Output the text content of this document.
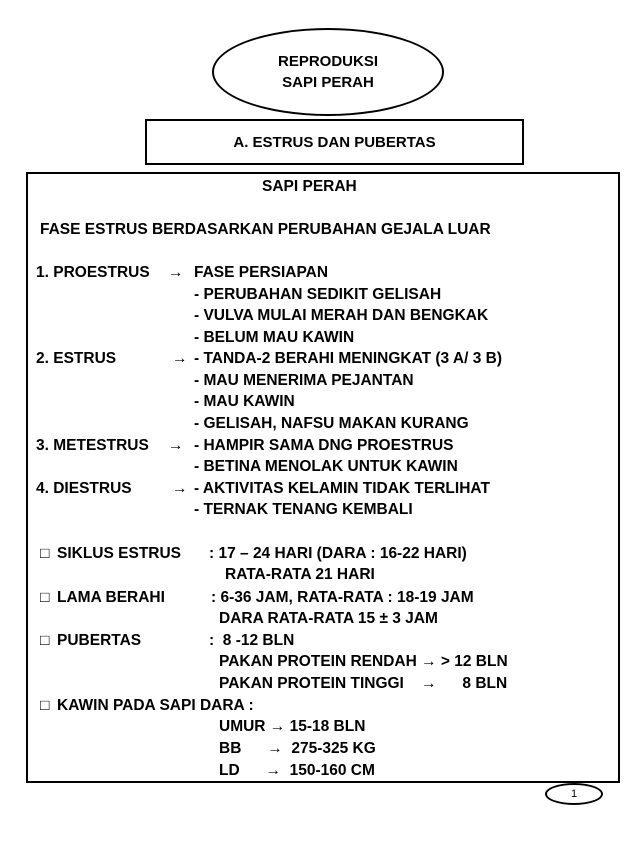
REPRODUKSI
SAPI PERAH
A. ESTRUS DAN PUBERTAS
SAPI PERAH
FASE ESTRUS BERDASARKAN PERUBAHAN GEJALA LUAR
1. PROESTRUS → FASE PERSIAPAN
- PERUBAHAN SEDIKIT GELISAH
- VULVA MULAI MERAH DAN BENGKAK
- BELUM MAU KAWIN
2. ESTRUS	→ - TANDA-2 BERAHI MENINGKAT (3 A/ 3 B)
- MAU MENERIMA PEJANTAN
- MAU KAWIN
- GELISAH, NAFSU MAKAN KURANG
3. METESTRUS → - HAMPIR SAMA DNG PROESTRUS
- BETINA MENOLAK UNTUK KAWIN
4. DIESTRUS	→ - AKTIVITAS KELAMIN TIDAK TERLIHAT
- TERNAK TENANG KEMBALI
□ SIKLUS ESTRUS : 17 – 24 HARI (DARA : 16-22 HARI)
RATA-RATA 21 HARI
□ LAMA BERAHI	: 6-36 JAM, RATA-RATA : 18-19 JAM
DARA RATA-RATA 15 ± 3 JAM
□ PUBERTAS	:  8 -12 BLN
PAKAN PROTEIN RENDAH → > 12 BLN
PAKAN PROTEIN TINGGI    →      8 BLN
□ KAWIN PADA SAPI DARA :
UMUR → 15-18 BLN
BB      →  275-325 KG
LD      →  150-160 CM
1
